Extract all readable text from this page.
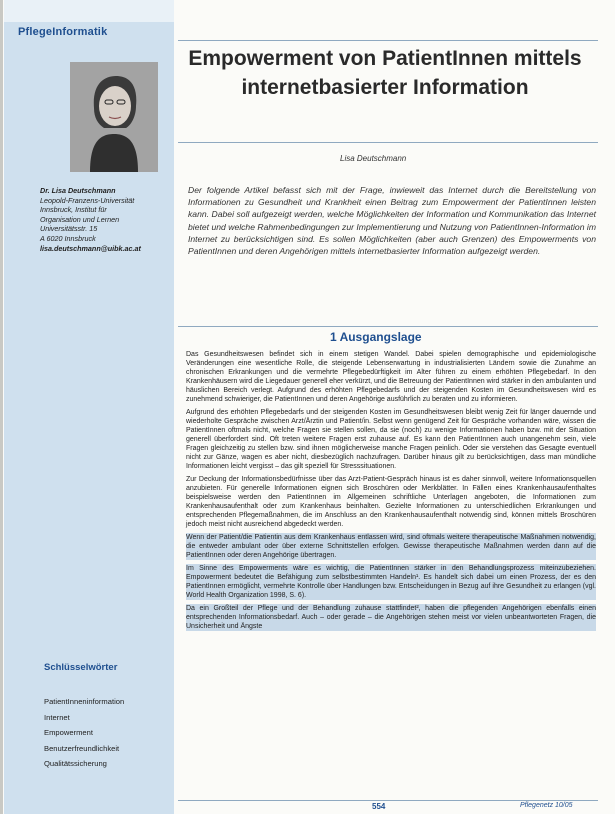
PflegeInformatik
Dr. Lisa Deutschmann
Leopold-Franzens-Universität
Innsbruck, Institut für
Organisation und Lernen
Universitätsstr. 15
A 6020 Innsbruck
lisa.deutschmann@uibk.ac.at
Empowerment von PatientInnen mittels internetbasierter Information
Lisa Deutschmann
Der folgende Artikel befasst sich mit der Frage, inwieweit das Internet durch die Bereitstellung von Informationen zu Gesundheit und Krankheit einen Beitrag zum Empowerment der PatientInnen leisten kann. Dabei soll aufgezeigt werden, welche Möglichkeiten der Information und Kommunikation das Internet bietet und welche Rahmenbedingungen zur Implementierung und Nutzung von PatientInnen-Information im Internet zu berücksichtigen sind. Es sollen Möglichkeiten (aber auch Grenzen) des Empowerments von PatientInnen und deren Angehörigen mittels internetbasierter Information aufgezeigt werden.
1 Ausgangslage

Das Gesundheitswesen befindet sich in einem stetigen Wandel. Dabei spielen demographische und epidemiologische Veränderungen eine wesentliche Rolle, die steigende Lebenserwartung in industrialisierten Ländern sowie die Zunahme an chronischen Erkrankungen und die vermehrte Pflegebedürftigkeit im Alter führen zu einem erhöhten Pflegebedarf. In den Krankenhäusern wird die Liegedauer generell eher verkürzt, und die Betreuung der PatientInnen wird stärker in den ambulanten und häuslichen Bereich verlegt. Aufgrund des erhöhten Pflegebedarfs und der steigenden Kosten im Gesundheitswesen wird es zunehmend schwieriger, die PatientInnen und deren Angehörige ausführlich zu beraten und zu informieren.

Aufgrund des erhöhten Pflegebedarfs und der steigenden Kosten im Gesundheitswesen bleibt wenig Zeit für länger dauernde und wiederholte Gespräche zwischen Arzt/Ärztin und Patient/in. Selbst wenn genügend Zeit für Gespräche vorhanden wäre, wissen die PatientInnen oftmals nicht, welche Fragen sie stellen sollen, da sie (noch) zu wenige Informationen haben bzw. mit der Situation generell überfordert sind. Oft treten weitere Fragen erst zuhause auf. Es kann den PatientInnen auch unangenehm sein, viele Fragen gleichzeitig zu stellen bzw. sind ihnen möglicherweise manche Fragen peinlich. Oder sie verstehen das Gesagte eventuell nicht zur Gänze, wagen es aber nicht, diesbezüglich nachzufragen. Darüber hinaus gilt zu berücksichtigen, dass man mündliche Informationen leicht vergisst – das gilt speziell für Stresssituationen.

Zur Deckung der Informationsbedürfnisse über das Arzt-Patient-Gespräch hinaus ist es daher sinnvoll, weitere Informationsquellen anzubieten. Für generelle Informationen eignen sich Broschüren oder Merkblätter. In Fällen eines Krankenhausaufenthaltes beispielsweise werden den PatientInnen im Allgemeinen schriftliche Unterlagen angeboten, die Informationen zum Krankenhausaufenthalt oder zum Krankenhaus beinhalten. Gezielte Informationen zu unterschiedlichen Erkrankungen und entsprechenden Pflegemaßnahmen, die im Anschluss an den Krankenhausaufenthalt notwendig sind, können mittels Broschüren jedoch meist nicht ausreichend abgedeckt werden.

Wenn der Patient/die Patientin aus dem Krankenhaus entlassen wird, sind oftmals weitere therapeutische Maßnahmen notwendig, die entweder ambulant oder über externe Schnittstellen erfolgen. Gewisse therapeutische Maßnahmen werden dann auf die PatientInnen oder deren Angehörige übertragen.

Im Sinne des Empowerments wäre es wichtig, die PatientInnen stärker in den Behandlungsprozess miteinzubeziehen. Empowerment bedeutet die Befähigung zum selbstbestimmten Handeln¹. Es handelt sich dabei um einen Prozess, der es den PatientInnen ermöglicht, vermehrte Kontrolle über Handlungen bzw. Entscheidungen in Bezug auf ihre Gesundheit zu erlangen (vgl. World Health Organization 1998, S. 6).

Da ein Großteil der Pflege und der Behandlung zuhause stattfindet², haben die pflegenden Angehörigen ebenfalls einen entsprechenden Informationsbedarf. Auch – oder gerade – die Angehörigen stehen meist vor vielen unbeantworteten Fragen, die Unsicherheit und Ängste

Schlüsselwörter
PatientInneninformation
Internet
Empowerment
Benutzerfreundlichkeit
Qualitätssicherung
554	Pflegenetz 10/05
